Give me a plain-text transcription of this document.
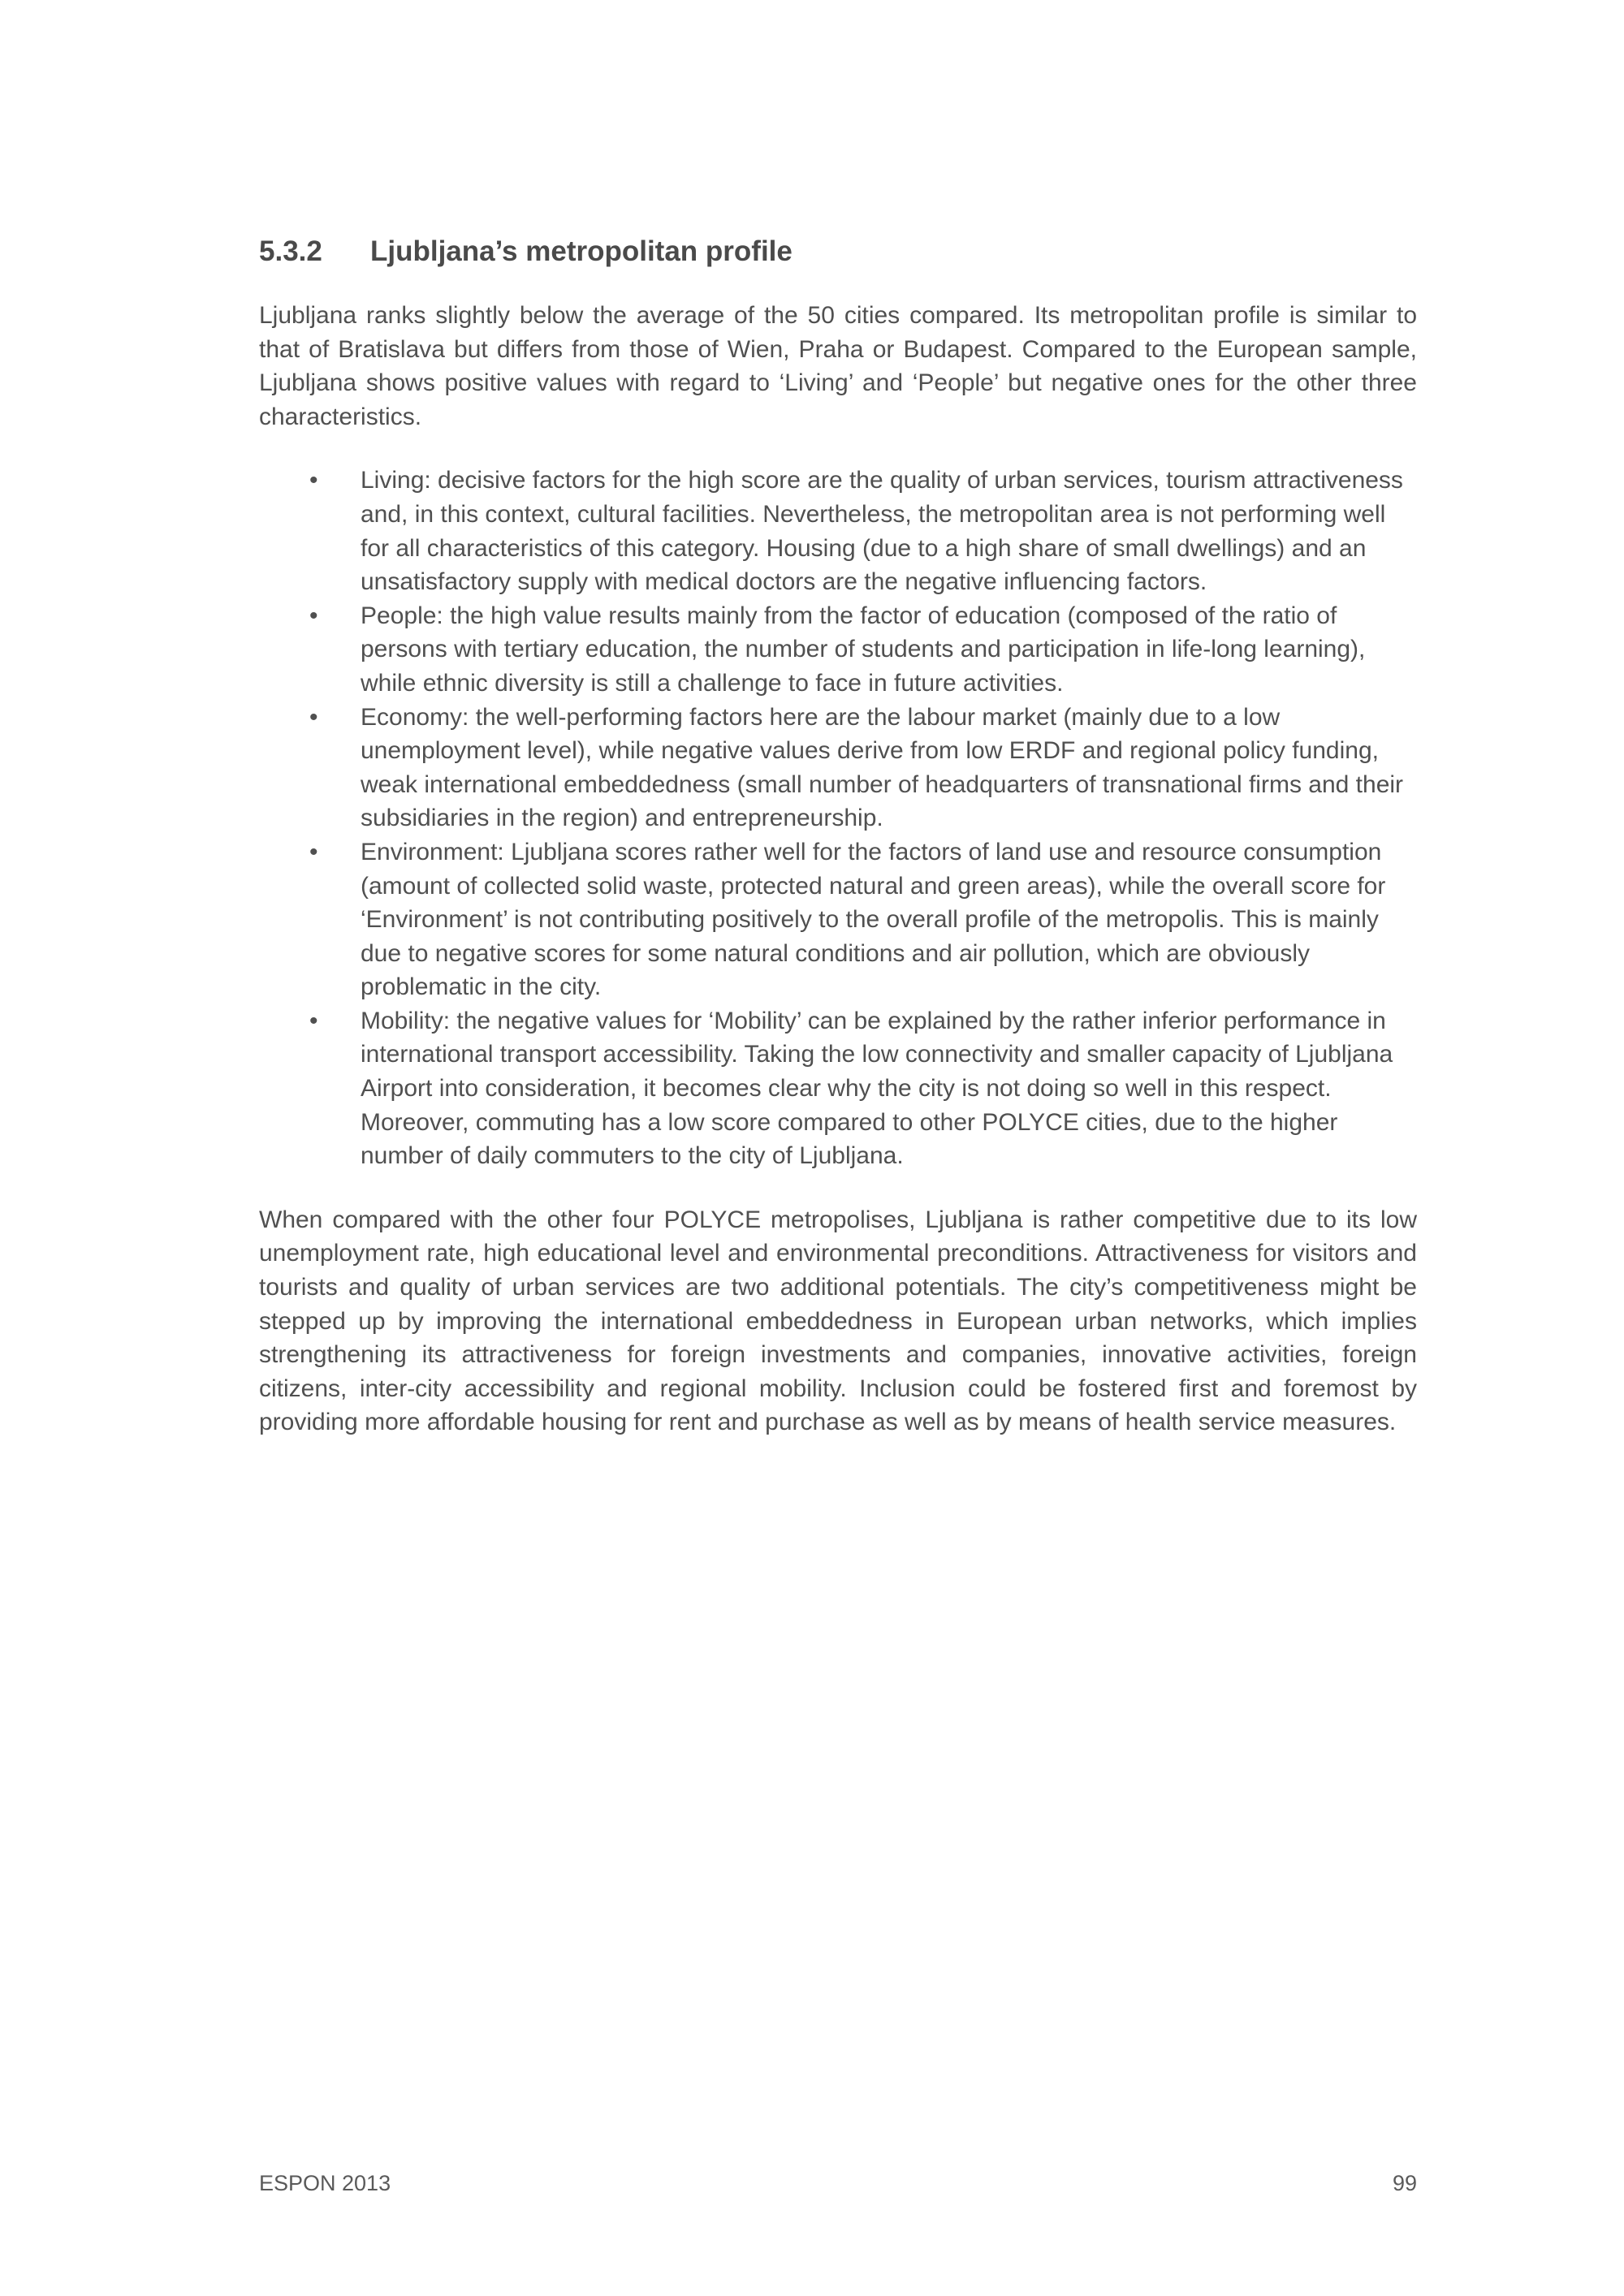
5.3.2	Ljubljana’s metropolitan profile

Ljubljana ranks slightly below the average of the 50 cities compared. Its metropolitan profile is similar to that of Bratislava but differs from those of Wien, Praha or Budapest. Compared to the European sample, Ljubljana shows positive values with regard to ‘Living’ and ‘People’ but negative ones for the other three characteristics.

• Living: decisive factors for the high score are the quality of urban services, tourism attractiveness and, in this context, cultural facilities. Nevertheless, the metropolitan area is not performing well for all characteristics of this category. Housing (due to a high share of small dwellings) and an unsatisfactory supply with medical doctors are the negative influencing factors.
• People: the high value results mainly from the factor of education (composed of the ratio of persons with tertiary education, the number of students and participation in life-long learning), while ethnic diversity is still a challenge to face in future activities.
• Economy: the well-performing factors here are the labour market (mainly due to a low unemployment level), while negative values derive from low ERDF and regional policy funding, weak international embeddedness (small number of headquarters of transnational firms and their subsidiaries in the region) and entrepreneurship.
• Environment: Ljubljana scores rather well for the factors of land use and resource consumption (amount of collected solid waste, protected natural and green areas), while the overall score for ‘Environment’ is not contributing positively to the overall profile of the metropolis. This is mainly due to negative scores for some natural conditions and air pollution, which are obviously problematic in the city.
• Mobility: the negative values for ‘Mobility’ can be explained by the rather inferior performance in international transport accessibility. Taking the low connectivity and smaller capacity of Ljubljana Airport into consideration, it becomes clear why the city is not doing so well in this respect. Moreover, commuting has a low score compared to other POLYCE cities, due to the higher number of daily commuters to the city of Ljubljana.

When compared with the other four POLYCE metropolises, Ljubljana is rather competitive due to its low unemployment rate, high educational level and environmental preconditions. Attractiveness for visitors and tourists and quality of urban services are two additional potentials. The city’s competitiveness might be stepped up by improving the international embeddedness in European urban networks, which implies strengthening its attractiveness for foreign investments and companies, innovative activities, foreign citizens, inter-city accessibility and regional mobility. Inclusion could be fostered first and foremost by providing more affordable housing for rent and purchase as well as by means of health service measures.

ESPON 2013	99
